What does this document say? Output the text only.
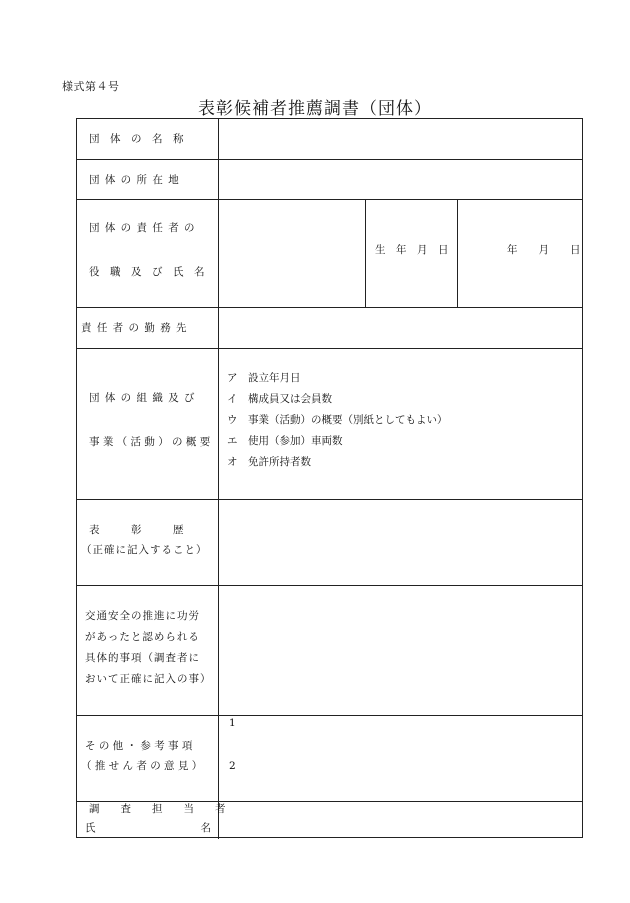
様式第４号
表彰候補者推薦調書（団体）
団　体　の　名　称
団 体 の 所 在 地
団 体 の 責 任 者 の
役　職　及　び　氏　名
生　年　月　日	年　　月　　日
責 任 者 の 勤 務 先
団 体 の 組 織 及 び
事 業 （ 活 動 ） の 概 要
ア　設立年月日
イ　構成員又は会員数
ウ　事業（活動）の概要（別紙としてもよい）
エ　使用（参加）車両数
オ　免許所持者数
表　　　彰　　　歴
（正確に記入すること）
交通安全の推進に功労
があったと認められる
具体的事項（調査者に
おいて正確に記入の事）
そ の 他 ・ 参 考 事 項
（ 推 せ ん 者 の 意 見 ）
1
2
調　　査　　担　　当　　者
氏　　　　　　　　　　名
